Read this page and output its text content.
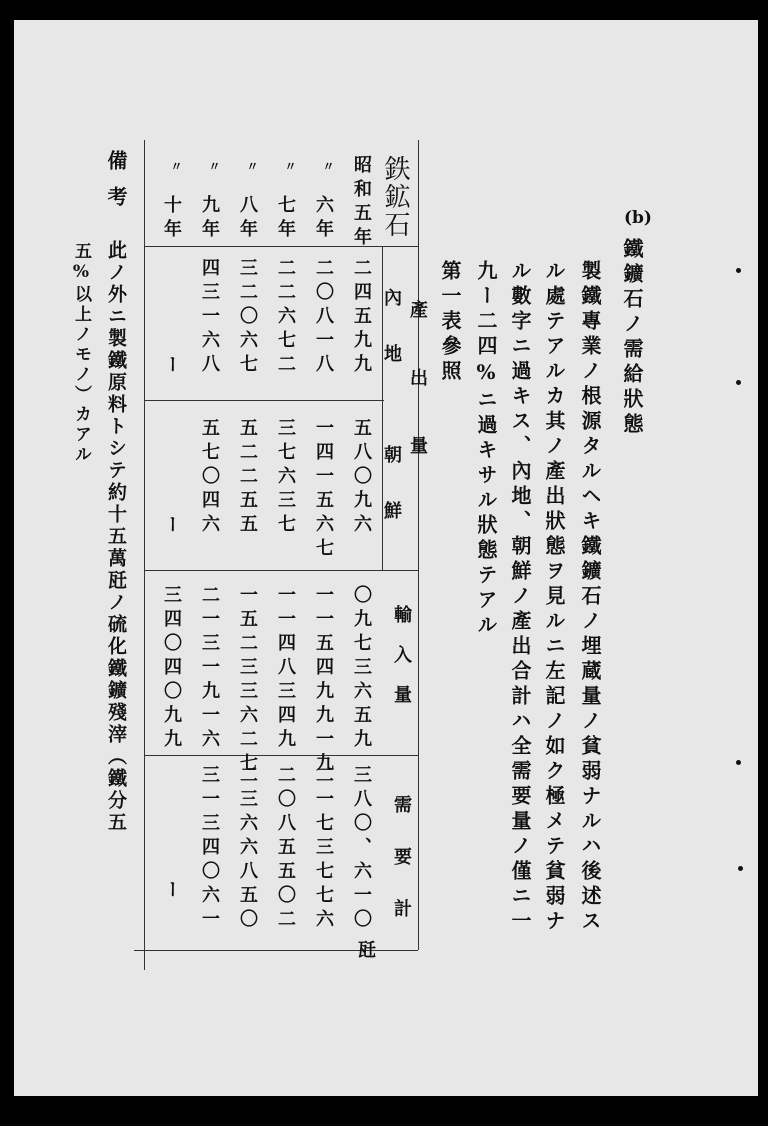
(b)
鐵鑛石ノ需給狀態
製鐵專業ノ根源タルヘキ鐵鑛石ノ埋蔵量ノ貧弱ナルハ後述ス
ル處テアルカ其ノ產出狀態ヲ見ルニ左記ノ如ク極メテ貧弱ナ
ル數字ニ過キス、內地、朝鮮ノ產出合計ハ全需要量ノ僅ニ一
九ー二四%ニ過キサル狀態テアル
第一表參照
鉄鉱石
產出量
內地
朝鮮
輸入量
需要計
瓩
〃
〃
〃
〃
〃	昭和五年
二四五九九
五八〇九六
〇九七三六五九
三八〇、六一〇
六年
二〇八一八
一四一五六七
一一五四九九一九
二一七三七七六
七年
二二六七二
三七六三七
一一四八三四九
二〇八五五〇二
八年
三二〇六七
五二二五五
一五二三三六二七
二三六六八五〇
九年
四三一六八
五七〇四六
二一三一九一六
三一三四〇六一
十年
ー
ー
三四〇四〇九九
ー
備考
此ノ外ニ製鐵原料トシテ約十五萬瓩ノ硫化鐵鑛殘滓（鐵分五
五%以上ノモノ）カアル
